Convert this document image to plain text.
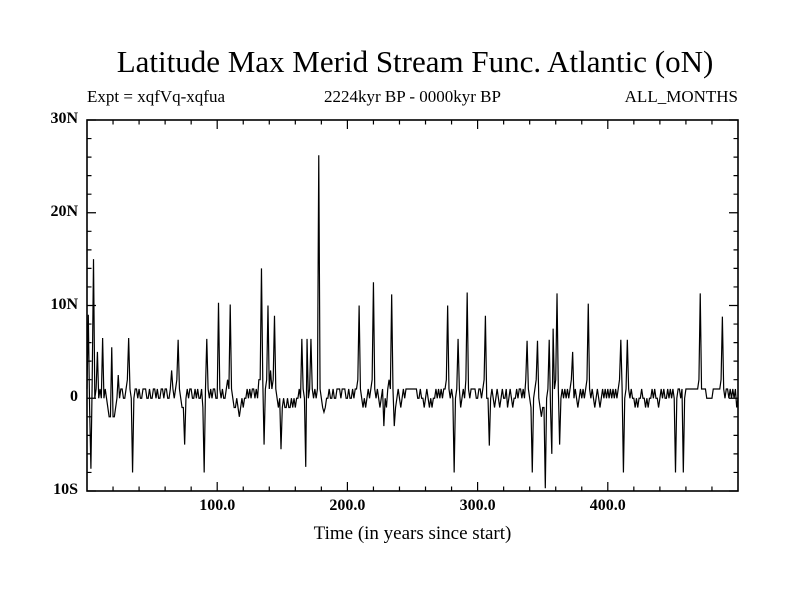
Latitude Max Merid Stream Func. Atlantic (oN)
Expt = xqfVq-xqfua	2224kyr BP - 0000kyr BP	ALL_MONTHS
10S
0
10N
20N
30N
100.0	200.0	300.0	400.0
Time (in years since start)
